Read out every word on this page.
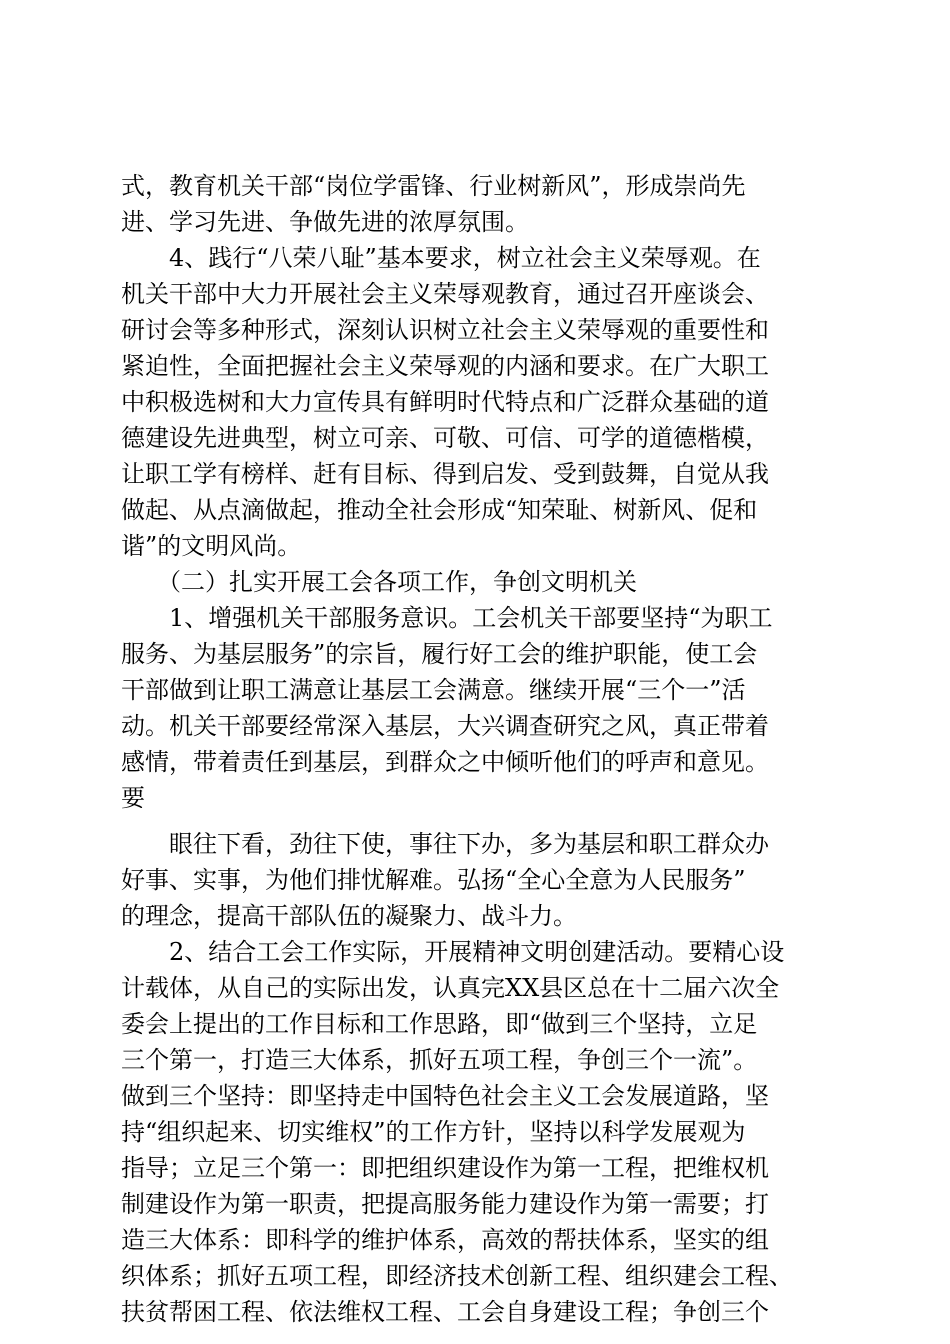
式，教育机关干部“岗位学雷锋、行业树新风”，形成崇尚先
进、学习先进、争做先进的浓厚氛围。
　　4、践行“八荣八耻”基本要求，树立社会主义荣辱观。在
机关干部中大力开展社会主义荣辱观教育，通过召开座谈会、
研讨会等多种形式，深刻认识树立社会主义荣辱观的重要性和
紧迫性，全面把握社会主义荣辱观的内涵和要求。在广大职工
中积极选树和大力宣传具有鲜明时代特点和广泛群众基础的道
德建设先进典型，树立可亲、可敬、可信、可学的道德楷模，
让职工学有榜样、赶有目标、得到启发、受到鼓舞，自觉从我
做起、从点滴做起，推动全社会形成“知荣耻、树新风、促和
谐”的文明风尚。
　　（二）扎实开展工会各项工作，争创文明机关
　　1、增强机关干部服务意识。工会机关干部要坚持“为职工
服务、为基层服务”的宗旨，履行好工会的维护职能，使工会
干部做到让职工满意让基层工会满意。继续开展“三个一”活
动。机关干部要经常深入基层，大兴调查研究之风，真正带着
感情，带着责任到基层，到群众之中倾听他们的呼声和意见。
要
　　眼往下看，劲往下使，事往下办，多为基层和职工群众办
好事、实事，为他们排忧解难。弘扬“全心全意为人民服务”
的理念，提高干部队伍的凝聚力、战斗力。
　　2、结合工会工作实际，开展精神文明创建活动。要精心设
计载体，从自己的实际出发，认真完XX县区总在十二届六次全
委会上提出的工作目标和工作思路，即“做到三个坚持，立足
三个第一，打造三大体系，抓好五项工程，争创三个一流”。
做到三个坚持：即坚持走中国特色社会主义工会发展道路，坚
持“组织起来、切实维权”的工作方针，坚持以科学发展观为
指导；立足三个第一：即把组织建设作为第一工程，把维权机
制建设作为第一职责，把提高服务能力建设作为第一需要；打
造三大体系：即科学的维护体系，高效的帮扶体系，坚实的组
织体系；抓好五项工程，即经济技术创新工程、组织建会工程、
扶贫帮困工程、依法维权工程、工会自身建设工程；争创三个
